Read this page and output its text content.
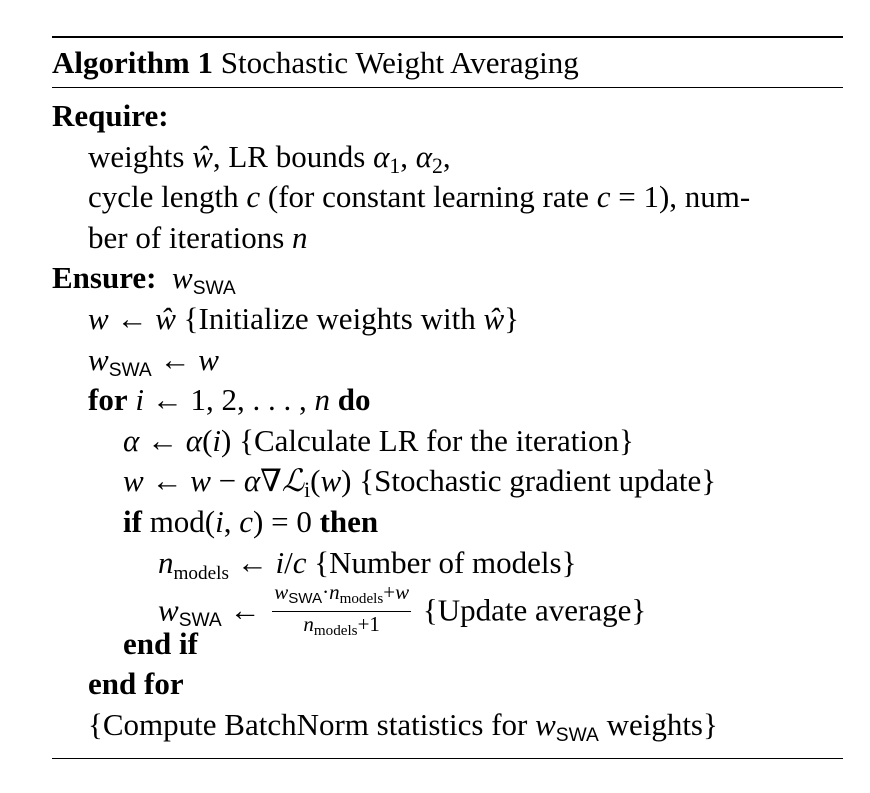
Algorithm 1 Stochastic Weight Averaging
Require:
weights ŵ, LR bounds $\alpha_1$, $\alpha_2$,
cycle length c (for constant learning rate c = 1), num-
ber of iterations n
Ensure: wSWA
w ← ŵ {Initialize weights with ŵ}
wSWA ← w
for i ← 1, 2, . . . , n do
α ← α(i) {Calculate LR for the iteration}
w ← w − α∇ℒ$_i$(w) {Stochastic gradient update}
if mod(i, c) = 0 then
nmodels ← i/c {Number of models}
wSWA ← $\frac{\text{wSWA·nmodels+w}}{\text{nmodels+1}}$ {Update average}
end if
end for
{Compute BatchNorm statistics for wSWA weights}
